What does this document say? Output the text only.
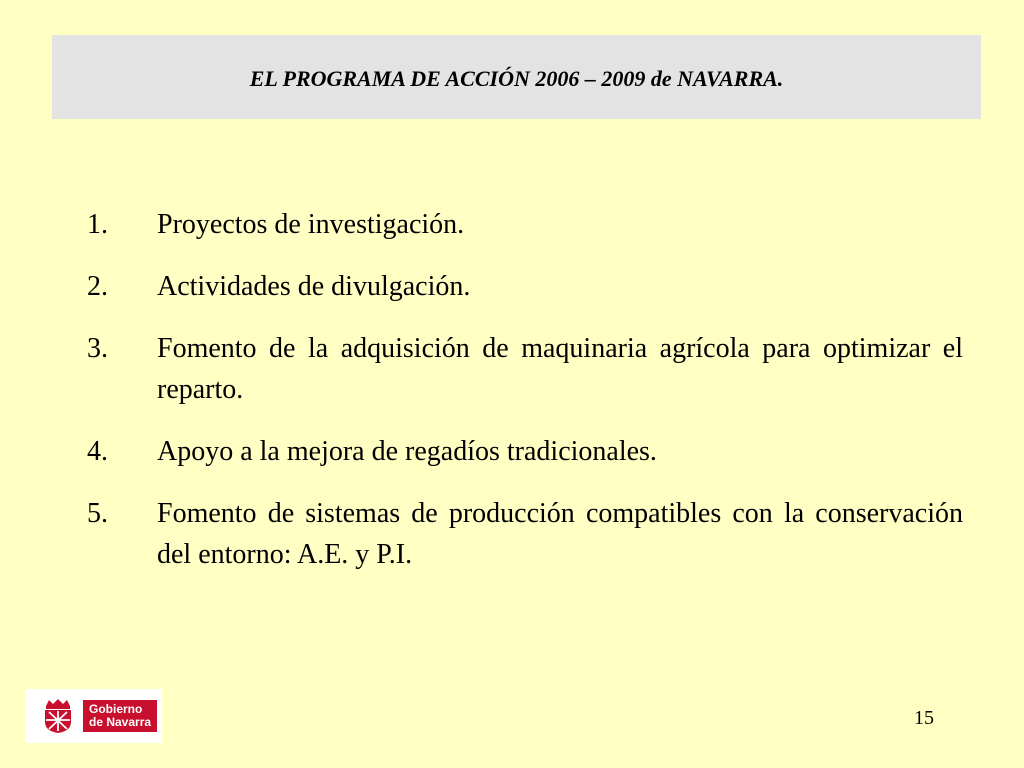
EL PROGRAMA DE ACCIÓN 2006 – 2009 de NAVARRA.
1.	Proyectos de investigación.
2.	Actividades de divulgación.
3.	Fomento de la adquisición de maquinaria agrícola para optimizar el reparto.
4.	Apoyo a la mejora de regadíos tradicionales.
5.	Fomento de sistemas de producción compatibles con la conservación del entorno: A.E. y P.I.
Gobierno
de Navarra	15
